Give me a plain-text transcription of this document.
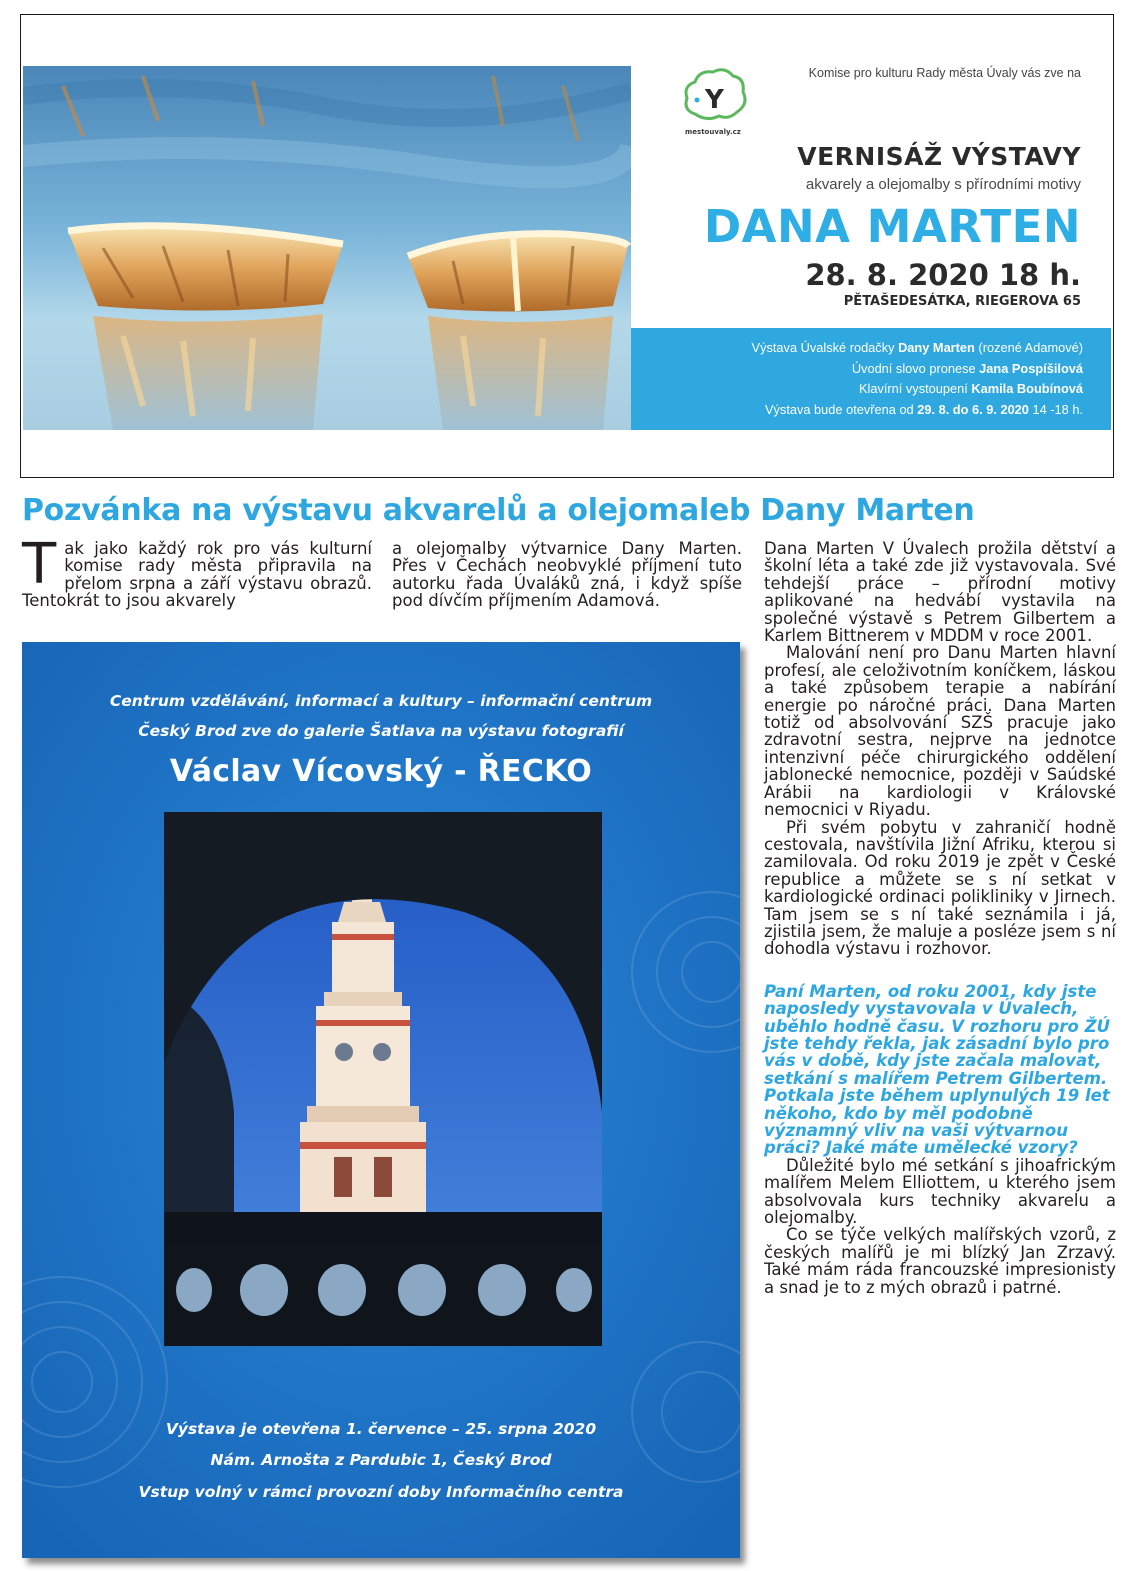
Y
mestouvaly.cz
Komise pro kulturu Rady města Úvaly vás zve na
VERNISÁŽ VÝSTAVY
akvarely a olejomalby s přírodními motivy
DANA MARTEN
28. 8. 2020 18 h.
PĚTAŠEDESÁTKA, RIEGEROVA 65
Výstava Úvalské rodačky Dany Marten (rozené Adamové)
Úvodní slovo pronese Jana Pospíšilová
Klavírní vystoupení Kamila Boubínová
Výstava bude otevřena od 29. 8. do 6. 9. 2020 14 -18 h.
Pozvánka na výstavu akvarelů a olejomaleb Dany Marten
Tak jako každý rok pro vás kulturní komise rady města připravila na přelom srpna a září výstavu obrazů. Tentokrát to jsou akvarely

a olejomalby výtvarnice Dany Marten. Přes v Čechách neobvyklé příjmení tuto autorku řada Úvaláků zná, i když spíše pod dívčím příjmením Adamová.

Dana Marten V Úvalech prožila dětství a školní léta a také zde již vystavovala. Své tehdejší práce – přírodní motivy aplikované na hedvábí vystavila na společné výstavě s Petrem Gilbertem a Karlem Bittnerem v MDDM v roce 2001.

Malování není pro Danu Marten hlavní profesí, ale celoživotním koníčkem, láskou a také způsobem terapie a nabírání energie po náročné práci. Dana Marten totiž od absolvování SZŠ pracuje jako zdravotní sestra, nejprve na jednotce intenzivní péče chirurgického oddělení jablonecké nemocnice, později v Saúdské Arábii na kardiologii v Královské nemocnici v Riyadu.

Při svém pobytu v zahraničí hodně cestovala, navštívila Jižní Afriku, kterou si zamilovala. Od roku 2019 je zpět v České republice a můžete se s ní setkat v kardiologické ordinaci polikliniky v Jirnech. Tam jsem se s ní také seznámila i já, zjistila jsem, že maluje a posléze jsem s ní dohodla výstavu i rozhovor.

Paní Marten, od roku 2001, kdy jste naposledy vystavovala v Úvalech, uběhlo hodně času. V rozhoru pro ŽÚ jste tehdy řekla, jak zásadní bylo pro vás v době, kdy jste začala malovat, setkání s malířem Petrem Gilbertem. Potkala jste během uplynulých 19 let někoho, kdo by měl podobně významný vliv na vaši výtvarnou práci? Jaké máte umělecké vzory?

Důležité bylo mé setkání s jihoafrickým malířem Melem Elliottem, u kterého jsem absolvovala kurs techniky akvarelu a olejomalby.

Co se týče velkých malířských vzorů, z českých malířů je mi blízký Jan Zrzavý. Také mám ráda francouzské impresionisty a snad je to z mých obrazů i patrné.

Centrum vzdělávání, informací a kultury – informační centrum
Český Brod zve do galerie Šatlava na výstavu fotografií
Václav Vícovský - ŘECKO
Výstava je otevřena 1. července – 25. srpna 2020
Nám. Arnošta z Pardubic 1, Český Brod
Vstup volný v rámci provozní doby Informačního centra
